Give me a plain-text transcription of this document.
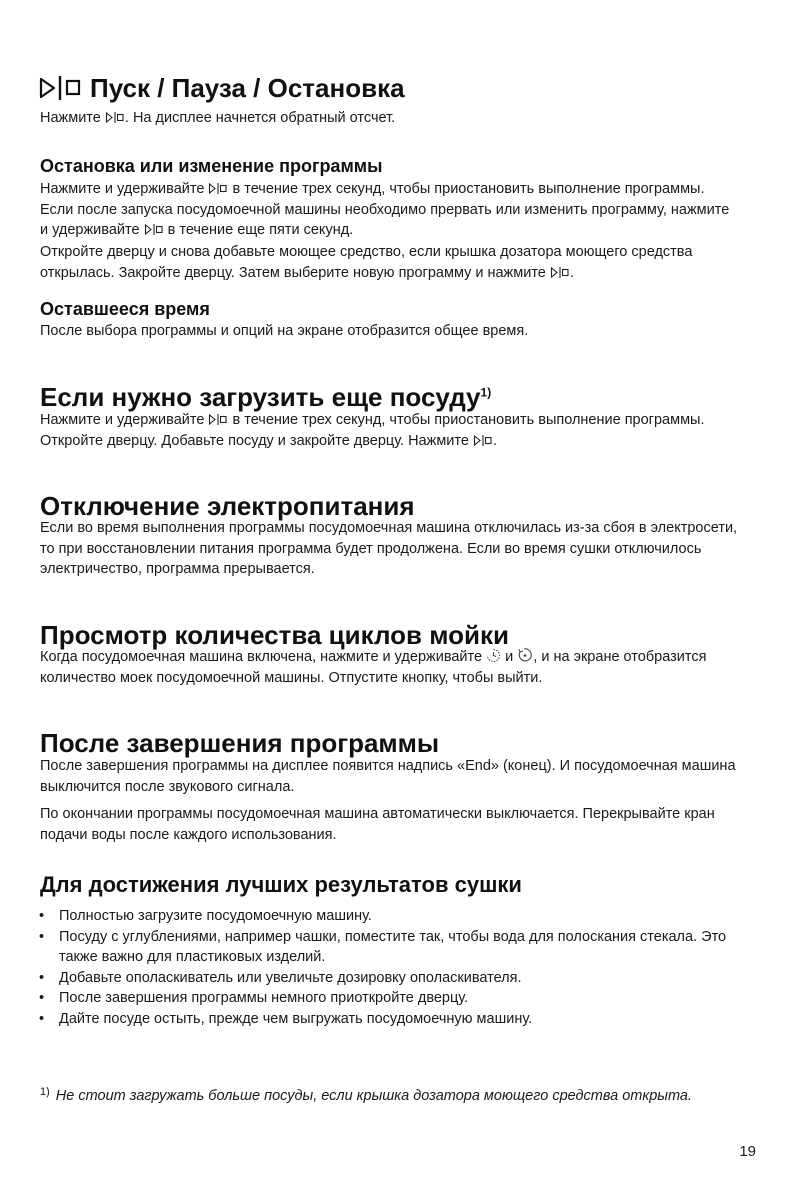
Пуск / Пауза / Остановка

Нажмите . На дисплее начнется обратный отсчет.

Остановка или изменение программы

Нажмите и удерживайте в течение трех секунд, чтобы приостановить выполнение программы. Если после запуска посудомоечной машины необходимо прервать или изменить программу, нажмите и удерживайте в течение еще пяти секунд.

Откройте дверцу и снова добавьте моющее средство, если крышка дозатора моющего средства открылась. Закройте дверцу. Затем выберите новую программу и нажмите .

Оставшееся время

После выбора программы и опций на экране отобразится общее время.

Если нужно загрузить еще посуду$^{1)}$

Нажмите и удерживайте в течение трех секунд, чтобы приостановить выполнение программы. Откройте дверцу. Добавьте посуду и закройте дверцу. Нажмите .

Отключение электропитания

Если во время выполнения программы посудомоечная машина отключилась из-за сбоя в электросети, то при восстановлении питания программа будет продолжена. Если во время сушки отключилось электричество, программа прерывается.

Просмотр количества циклов мойки

Когда посудомоечная машина включена, нажмите и удерживайте и , и на экране отобразится количество моек посудомоечной машины. Отпустите кнопку, чтобы выйти.

После завершения программы

После завершения программы на дисплее появится надпись «End» (конец). И посудомоечная машина выключится после звукового сигнала.

По окончании программы посудомоечная машина автоматически выключается. Перекрывайте кран подачи воды после каждого использования.

Для достижения лучших результатов сушки
• Полностью загрузите посудомоечную машину.
• Посуду с углублениями, например чашки, поместите так, чтобы вода для полоскания стекала. Это также важно для пластиковых изделий.
• Добавьте ополаскиватель или увеличьте дозировку ополаскивателя.
• После завершения программы немного приоткройте дверцу.
• Дайте посуде остыть, прежде чем выгружать посудомоечную машину.
$^{1)}$ Не стоит загружать больше посуды, если крышка дозатора моющего средства открыта.
19
